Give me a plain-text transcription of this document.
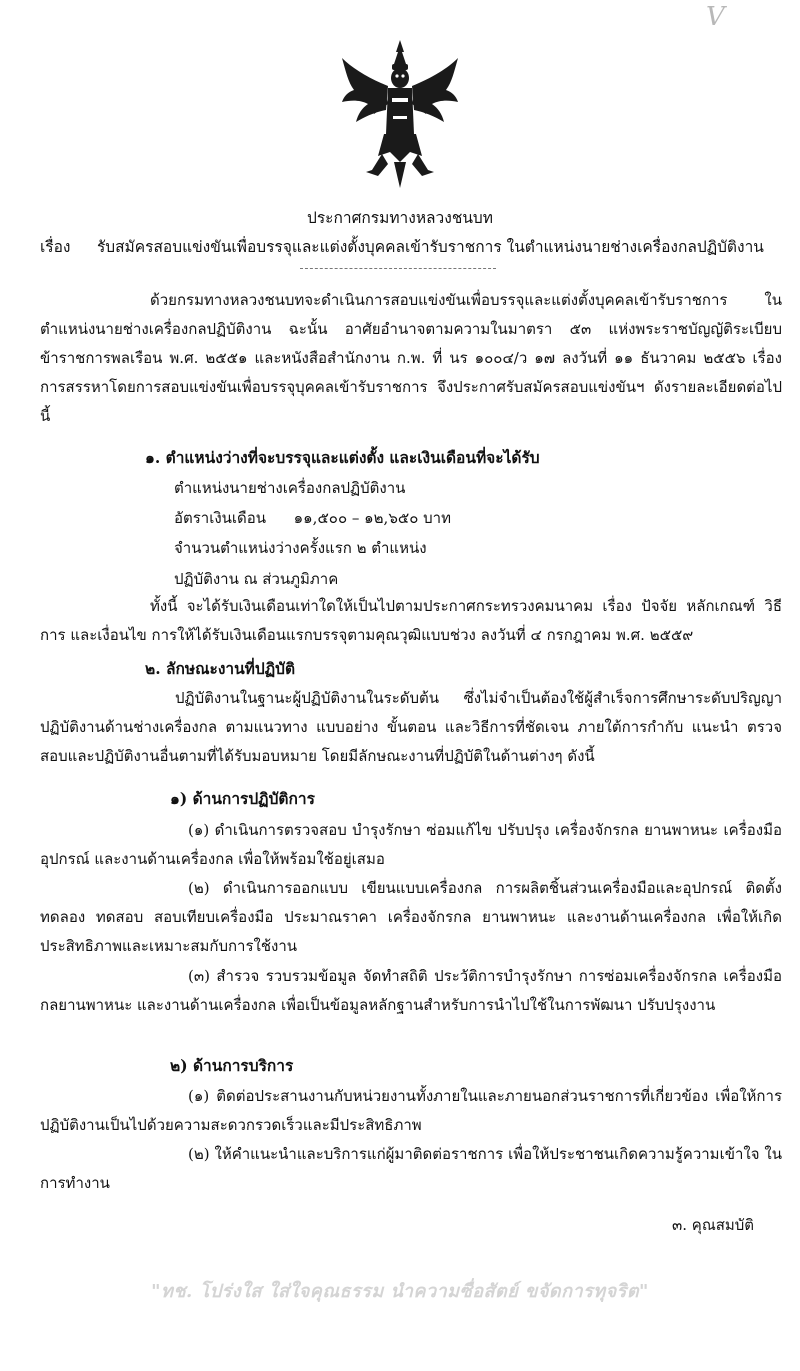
V
ประกาศกรมทางหลวงชนบท
เรื่อง รับสมัครสอบแข่งขันเพื่อบรรจุและแต่งตั้งบุคคลเข้ารับราชการ ในตำแหน่งนายช่างเครื่องกลปฏิบัติงาน
ด้วยกรมทางหลวงชนบทจะดำเนินการสอบแข่งขันเพื่อบรรจุและแต่งตั้งบุคคลเข้ารับราชการ ในตำแหน่งนายช่างเครื่องกลปฏิบัติงาน ฉะนั้น อาศัยอำนาจตามความในมาตรา ๕๓ แห่งพระราชบัญญัติระเบียบข้าราชการพลเรือน พ.ศ. ๒๕๕๑ และหนังสือสำนักงาน ก.พ. ที่ นร ๑๐๐๔/ว ๑๗ ลงวันที่ ๑๑ ธันวาคม ๒๕๕๖ เรื่อง การสรรหาโดยการสอบแข่งขันเพื่อบรรจุบุคคลเข้ารับราชการ จึงประกาศรับสมัครสอบแข่งขันฯ ดังรายละเอียดต่อไปนี้
๑. ตำแหน่งว่างที่จะบรรจุและแต่งตั้ง และเงินเดือนที่จะได้รับ
ตำแหน่งนายช่างเครื่องกลปฏิบัติงาน
อัตราเงินเดือน ๑๑,๕๐๐ – ๑๒,๖๕๐ บาท
จำนวนตำแหน่งว่างครั้งแรก ๒ ตำแหน่ง
ปฏิบัติงาน ณ ส่วนภูมิภาค
ทั้งนี้ จะได้รับเงินเดือนเท่าใดให้เป็นไปตามประกาศกระทรวงคมนาคม เรื่อง ปัจจัย หลักเกณฑ์ วิธีการ และเงื่อนไข การให้ได้รับเงินเดือนแรกบรรจุตามคุณวุฒิแบบช่วง ลงวันที่ ๔ กรกฎาคม พ.ศ. ๒๕๕๙
๒. ลักษณะงานที่ปฏิบัติ
ปฏิบัติงานในฐานะผู้ปฏิบัติงานในระดับต้น ซึ่งไม่จำเป็นต้องใช้ผู้สำเร็จการศึกษาระดับปริญญา ปฏิบัติงานด้านช่างเครื่องกล ตามแนวทาง แบบอย่าง ขั้นตอน และวิธีการที่ชัดเจน ภายใต้การกำกับ แนะนำ ตรวจสอบและปฏิบัติงานอื่นตามที่ได้รับมอบหมาย โดยมีลักษณะงานที่ปฏิบัติในด้านต่างๆ ดังนี้
๑) ด้านการปฏิบัติการ
(๑) ดำเนินการตรวจสอบ บำรุงรักษา ซ่อมแก้ไข ปรับปรุง เครื่องจักรกล ยานพาหนะ เครื่องมือ อุปกรณ์ และงานด้านเครื่องกล เพื่อให้พร้อมใช้อยู่เสมอ
(๒) ดำเนินการออกแบบ เขียนแบบเครื่องกล การผลิตชิ้นส่วนเครื่องมือและอุปกรณ์ ติดตั้ง ทดลอง ทดสอบ สอบเทียบเครื่องมือ ประมาณราคา เครื่องจักรกล ยานพาหนะ และงานด้านเครื่องกล เพื่อให้เกิดประสิทธิภาพและเหมาะสมกับการใช้งาน
(๓) สำรวจ รวบรวมข้อมูล จัดทำสถิติ ประวัติการบำรุงรักษา การซ่อมเครื่องจักรกล เครื่องมือกลยานพาหนะ และงานด้านเครื่องกล เพื่อเป็นข้อมูลหลักฐานสำหรับการนำไปใช้ในการพัฒนา ปรับปรุงงาน
๒) ด้านการบริการ
(๑) ติดต่อประสานงานกับหน่วยงานทั้งภายในและภายนอกส่วนราชการที่เกี่ยวข้อง เพื่อให้การปฏิบัติงานเป็นไปด้วยความสะดวกรวดเร็วและมีประสิทธิภาพ
(๒) ให้คำแนะนำและบริการแก่ผู้มาติดต่อราชการ เพื่อให้ประชาชนเกิดความรู้ความเข้าใจ ในการทำงาน
๓. คุณสมบัติ
"ทช. โปร่งใส ใส่ใจคุณธรรม นำความซื่อสัตย์ ขจัดการทุจริต"
